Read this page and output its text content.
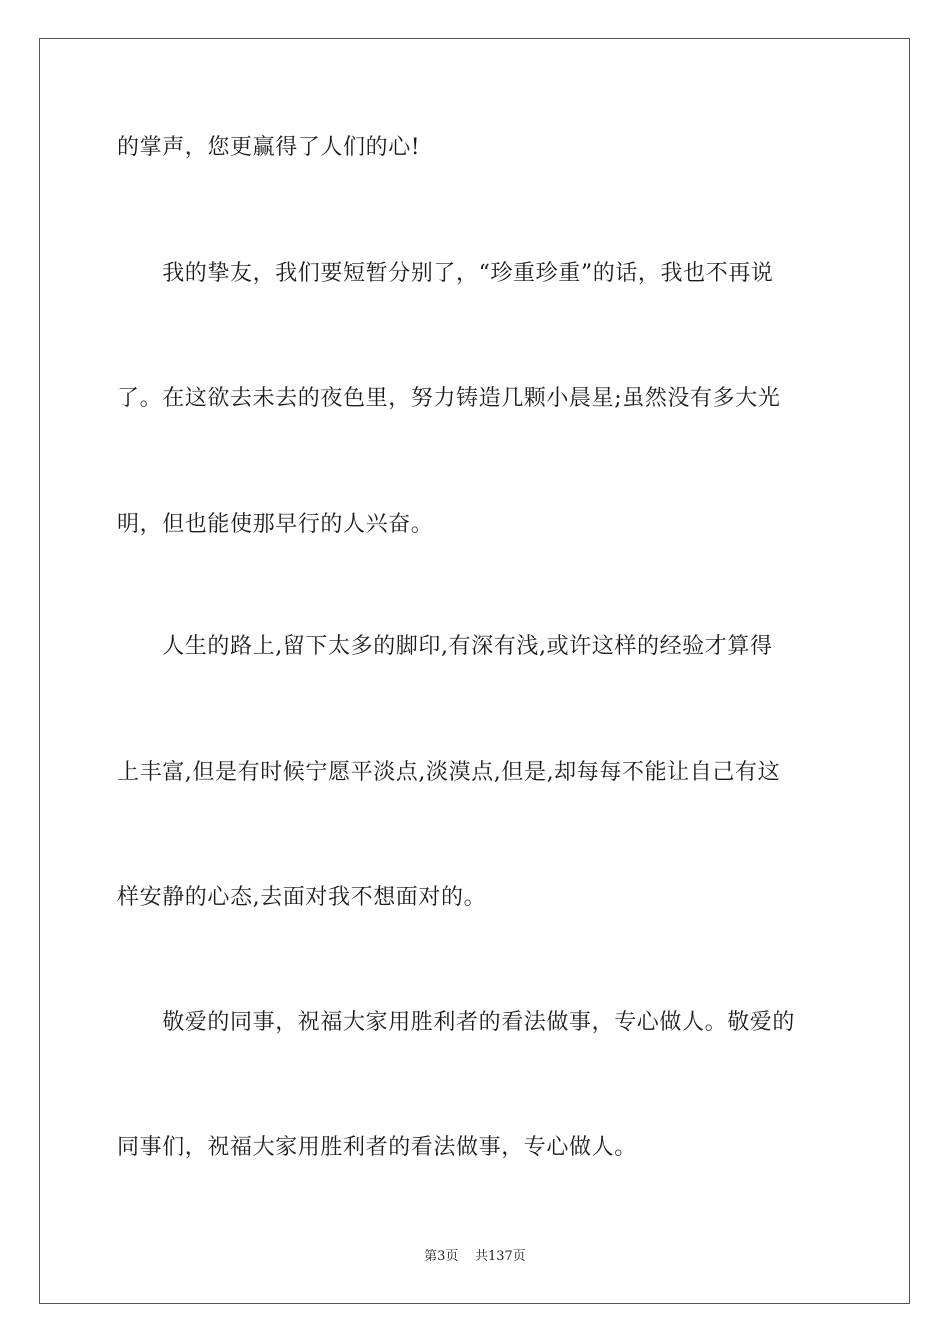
的掌声，您更赢得了人们的心!
　　我的挚友，我们要短暂分别了，“珍重珍重”的话，我也不再说
了。在这欲去未去的夜色里，努力铸造几颗小晨星;虽然没有多大光
明，但也能使那早行的人兴奋。
　　人生的路上,留下太多的脚印,有深有浅,或许这样的经验才算得
上丰富,但是有时候宁愿平淡点,淡漠点,但是,却每每不能让自己有这
样安静的心态,去面对我不想面对的。
　　敬爱的同事，祝福大家用胜利者的看法做事，专心做人。敬爱的
同事们，祝福大家用胜利者的看法做事，专心做人。
第3页 共137页
